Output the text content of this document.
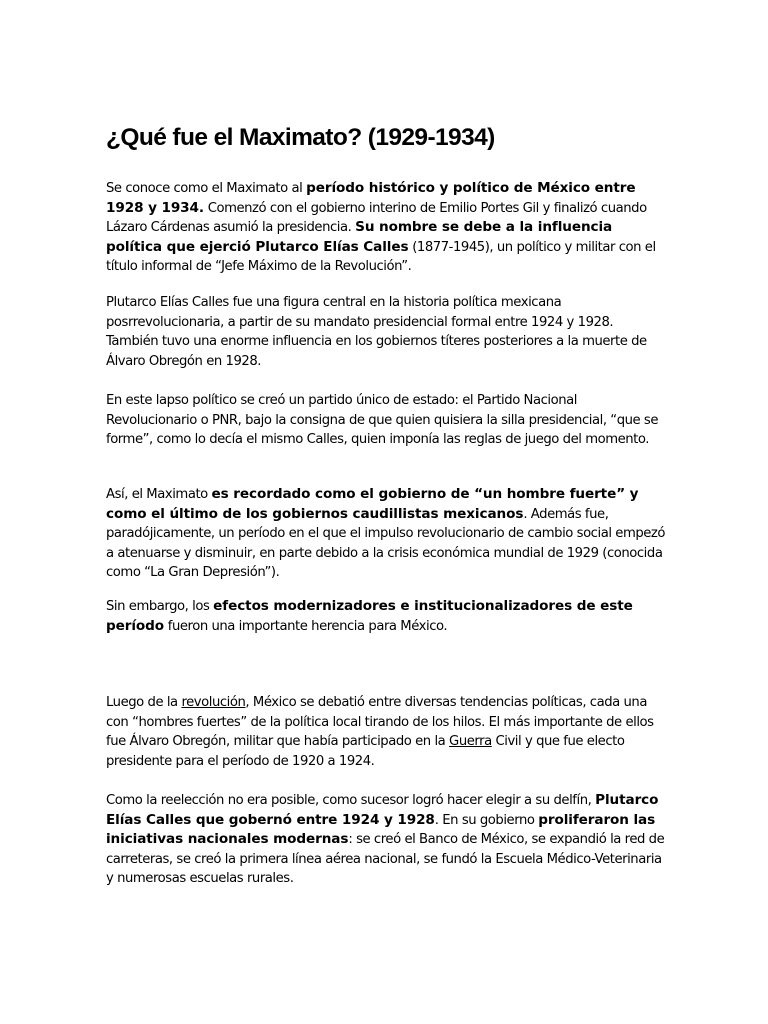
¿Qué fue el Maximato? (1929-1934)

Se conoce como el Maximato al período histórico y político de México entre 1928 y 1934. Comenzó con el gobierno interino de Emilio Portes Gil y finalizó cuando Lázaro Cárdenas asumió la presidencia. Su nombre se debe a la influencia política que ejerció Plutarco Elías Calles (1877-1945), un político y militar con el título informal de “Jefe Máximo de la Revolución”.

Plutarco Elías Calles fue una figura central en la historia política mexicana posrrevolucionaria, a partir de su mandato presidencial formal entre 1924 y 1928. También tuvo una enorme influencia en los gobiernos títeres posteriores a la muerte de Álvaro Obregón en 1928.

En este lapso político se creó un partido único de estado: el Partido Nacional Revolucionario o PNR, bajo la consigna de que quien quisiera la silla presidencial, “que se forme”, como lo decía el mismo Calles, quien imponía las reglas de juego del momento.

Así, el Maximato es recordado como el gobierno de “un hombre fuerte” y como el último de los gobiernos caudillistas mexicanos. Además fue, paradójicamente, un período en el que el impulso revolucionario de cambio social empezó a atenuarse y disminuir, en parte debido a la crisis económica mundial de 1929 (conocida como “La Gran Depresión”).

Sin embargo, los efectos modernizadores e institucionalizadores de este período fueron una importante herencia para México.

Luego de la revolución, México se debatió entre diversas tendencias políticas, cada una con “hombres fuertes” de la política local tirando de los hilos. El más importante de ellos fue Álvaro Obregón, militar que había participado en la Guerra Civil y que fue electo presidente para el período de 1920 a 1924.

Como la reelección no era posible, como sucesor logró hacer elegir a su delfín, Plutarco Elías Calles que gobernó entre 1924 y 1928. En su gobierno proliferaron las iniciativas nacionales modernas: se creó el Banco de México, se expandió la red de carreteras, se creó la primera línea aérea nacional, se fundó la Escuela Médico-Veterinaria y numerosas escuelas rurales.
